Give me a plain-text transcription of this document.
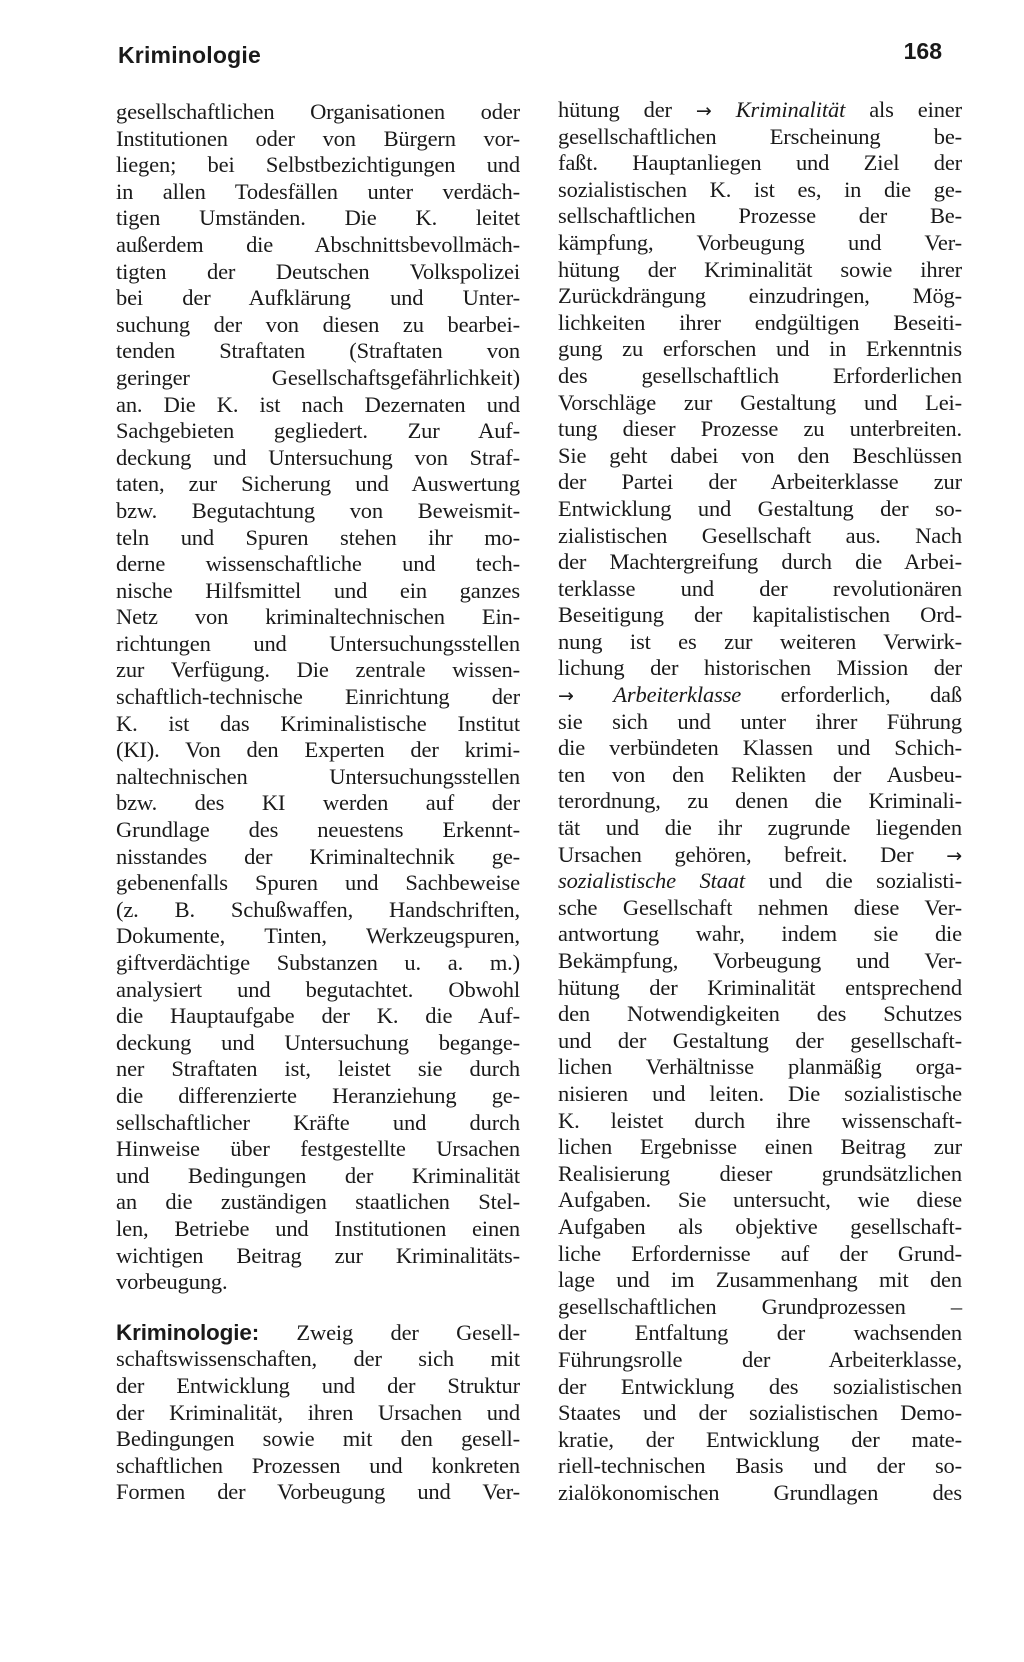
Kriminologie	168
gesellschaftlichen Organisationen oder
Institutionen oder von Bürgern vor-
liegen; bei Selbstbezichtigungen und
in allen Todesfällen unter verdäch-
tigen Umständen. Die K. leitet
außerdem die Abschnittsbevollmäch-
tigten der Deutschen Volkspolizei
bei der Aufklärung und Unter-
suchung der von diesen zu bearbei-
tenden Straftaten (Straftaten von
geringer Gesellschaftsgefährlichkeit)
an. Die K. ist nach Dezernaten und
Sachgebieten gegliedert. Zur Auf-
deckung und Untersuchung von Straf-
taten, zur Sicherung und Auswertung
bzw. Begutachtung von Beweismit-
teln und Spuren stehen ihr mo-
derne wissenschaftliche und tech-
nische Hilfsmittel und ein ganzes
Netz von kriminaltechnischen Ein-
richtungen und Untersuchungsstellen
zur Verfügung. Die zentrale wissen-
schaftlich-technische Einrichtung der
K. ist das Kriminalistische Institut
(KI). Von den Experten der krimi-
naltechnischen Untersuchungsstellen
bzw. des KI werden auf der
Grundlage des neuestens Erkennt-
nisstandes der Kriminaltechnik ge-
gebenenfalls Spuren und Sachbeweise
(z. B. Schußwaffen, Handschriften,
Dokumente, Tinten, Werkzeugspuren,
giftverdächtige Substanzen u. a. m.)
analysiert und begutachtet. Obwohl
die Hauptaufgabe der K. die Auf-
deckung und Untersuchung begange-
ner Straftaten ist, leistet sie durch
die differenzierte Heranziehung ge-
sellschaftlicher Kräfte und durch
Hinweise über festgestellte Ursachen
und Bedingungen der Kriminalität
an die zuständigen staatlichen Stel-
len, Betriebe und Institutionen einen
wichtigen Beitrag zur Kriminalitäts-
vorbeugung.
Kriminologie: Zweig der Gesell-
schaftswissenschaften, der sich mit
der Entwicklung und der Struktur
der Kriminalität, ihren Ursachen und
Bedingungen sowie mit den gesell-
schaftlichen Prozessen und konkreten
Formen der Vorbeugung und Ver-
hütung der → Kriminalität als einer
gesellschaftlichen Erscheinung be-
faßt. Hauptanliegen und Ziel der
sozialistischen K. ist es, in die ge-
sellschaftlichen Prozesse der Be-
kämpfung, Vorbeugung und Ver-
hütung der Kriminalität sowie ihrer
Zurückdrängung einzudringen, Mög-
lichkeiten ihrer endgültigen Beseiti-
gung zu erforschen und in Erkenntnis
des gesellschaftlich Erforderlichen
Vorschläge zur Gestaltung und Lei-
tung dieser Prozesse zu unterbreiten.
Sie geht dabei von den Beschlüssen
der Partei der Arbeiterklasse zur
Entwicklung und Gestaltung der so-
zialistischen Gesellschaft aus. Nach
der Machtergreifung durch die Arbei-
terklasse und der revolutionären
Beseitigung der kapitalistischen Ord-
nung ist es zur weiteren Verwirk-
lichung der historischen Mission der
→ Arbeiterklasse erforderlich, daß
sie sich und unter ihrer Führung
die verbündeten Klassen und Schich-
ten von den Relikten der Ausbeu-
terordnung, zu denen die Kriminali-
tät und die ihr zugrunde liegenden
Ursachen gehören, befreit. Der →
sozialistische Staat und die sozialisti-
sche Gesellschaft nehmen diese Ver-
antwortung wahr, indem sie die
Bekämpfung, Vorbeugung und Ver-
hütung der Kriminalität entsprechend
den Notwendigkeiten des Schutzes
und der Gestaltung der gesellschaft-
lichen Verhältnisse planmäßig orga-
nisieren und leiten. Die sozialistische
K. leistet durch ihre wissenschaft-
lichen Ergebnisse einen Beitrag zur
Realisierung dieser grundsätzlichen
Aufgaben. Sie untersucht, wie diese
Aufgaben als objektive gesellschaft-
liche Erfordernisse auf der Grund-
lage und im Zusammenhang mit den
gesellschaftlichen Grundprozessen –
der Entfaltung der wachsenden
Führungsrolle der Arbeiterklasse,
der Entwicklung des sozialistischen
Staates und der sozialistischen Demo-
kratie, der Entwicklung der mate-
riell-technischen Basis und der so-
zialökonomischen Grundlagen des
